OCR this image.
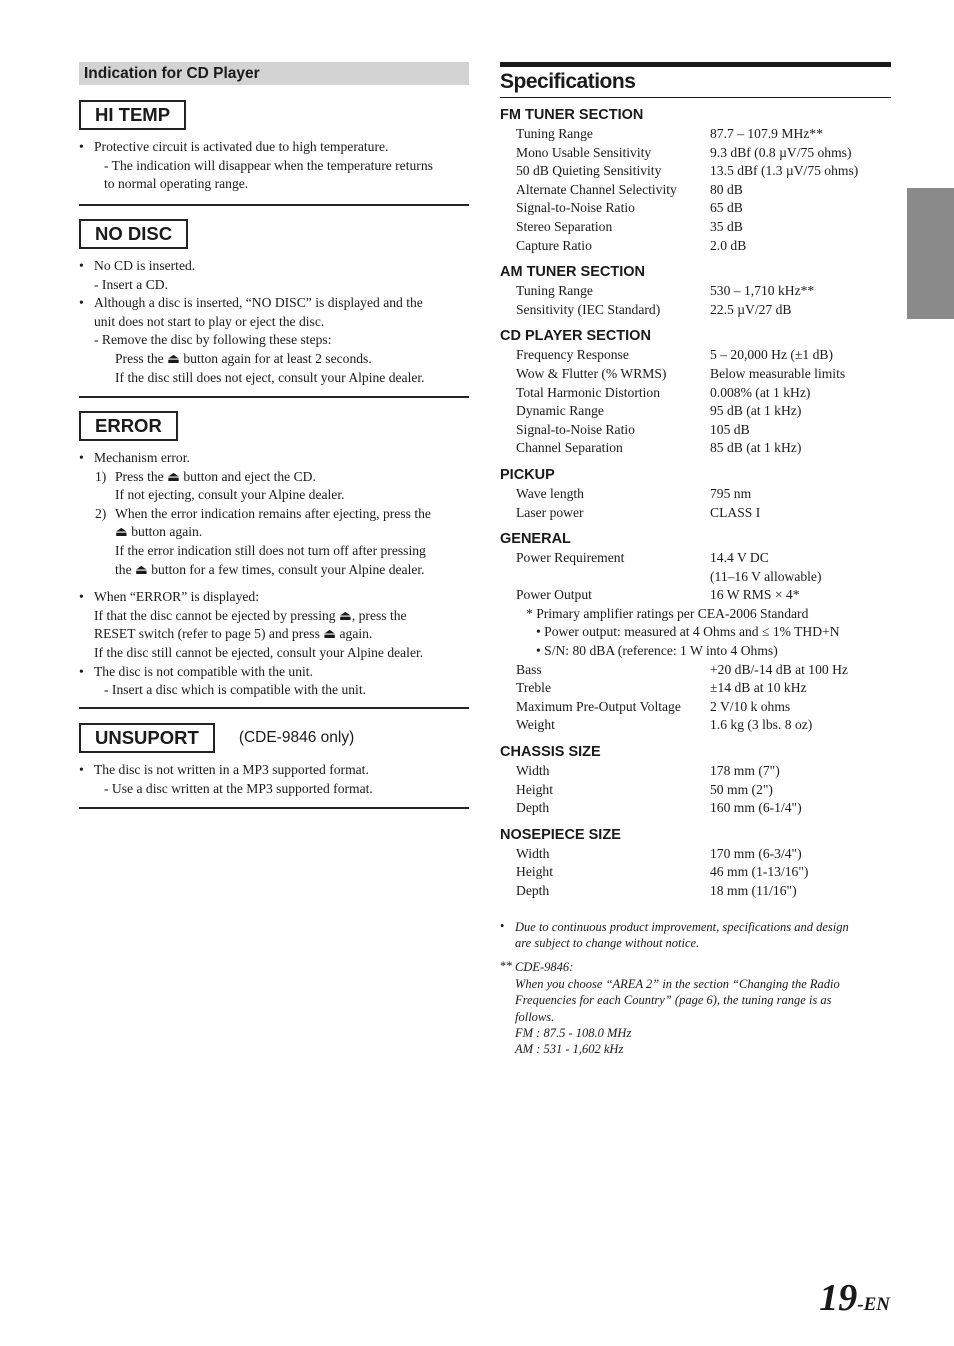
Indication for CD Player
HI TEMP
• Protective circuit is activated due to high temperature.
- The indication will disappear when the temperature returns
to normal operating range.
NO DISC
• No CD is inserted.
- Insert a CD.
• Although a disc is inserted, “NO DISC” is displayed and the
unit does not start to play or eject the disc.
- Remove the disc by following these steps:
Press the ⏏ button again for at least 2 seconds.
If the disc still does not eject, consult your Alpine dealer.
ERROR
• Mechanism error.
1) Press the ⏏ button and eject the CD.
If not ejecting, consult your Alpine dealer.
2) When the error indication remains after ejecting, press the
⏏ button again.
If the error indication still does not turn off after pressing
the ⏏ button for a few times, consult your Alpine dealer.
• When “ERROR” is displayed:
If that the disc cannot be ejected by pressing ⏏, press the
RESET switch (refer to page 5) and press ⏏ again.
If the disc still cannot be ejected, consult your Alpine dealer.
• The disc is not compatible with the unit.
- Insert a disc which is compatible with the unit.
UNSUPORT	(CDE-9846 only)
• The disc is not written in a MP3 supported format.
- Use a disc written at the MP3 supported format.
Specifications
FM TUNER SECTION
Tuning Range	87.7 – 107.9 MHz**
Mono Usable Sensitivity	9.3 dBf (0.8 µV/75 ohms)
50 dB Quieting Sensitivity	13.5 dBf (1.3 µV/75 ohms)
Alternate Channel Selectivity	80 dB
Signal-to-Noise Ratio	65 dB
Stereo Separation	35 dB
Capture Ratio	2.0 dB
AM TUNER SECTION
Tuning Range	530 – 1,710 kHz**
Sensitivity (IEC Standard)	22.5 µV/27 dB
CD PLAYER SECTION
Frequency Response	5 – 20,000 Hz (±1 dB)
Wow & Flutter (% WRMS)	Below measurable limits
Total Harmonic Distortion	0.008% (at 1 kHz)
Dynamic Range	95 dB (at 1 kHz)
Signal-to-Noise Ratio	105 dB
Channel Separation	85 dB (at 1 kHz)
PICKUP
Wave length	795 nm
Laser power	CLASS I
GENERAL
Power Requirement	14.4 V DC
(11–16 V allowable)
Power Output	16 W RMS × 4*
* Primary amplifier ratings per CEA-2006 Standard
• Power output: measured at 4 Ohms and ≤ 1% THD+N
• S/N: 80 dBA (reference: 1 W into 4 Ohms)
Bass	+20 dB/-14 dB at 100 Hz
Treble	±14 dB at 10 kHz
Maximum Pre-Output Voltage	2 V/10 k ohms
Weight	1.6 kg (3 lbs. 8 oz)
CHASSIS SIZE
Width	178 mm (7")
Height	50 mm (2")
Depth	160 mm (6-1/4")
NOSEPIECE SIZE
Width	170 mm (6-3/4")
Height	46 mm (1-13/16")
Depth	18 mm (11/16")
• Due to continuous product improvement, specifications and design
are subject to change without notice.
** CDE-9846:
When you choose “AREA 2” in the section “Changing the Radio
Frequencies for each Country” (page 6), the tuning range is as
follows.
FM : 87.5 - 108.0 MHz
AM : 531 - 1,602 kHz
19-EN
